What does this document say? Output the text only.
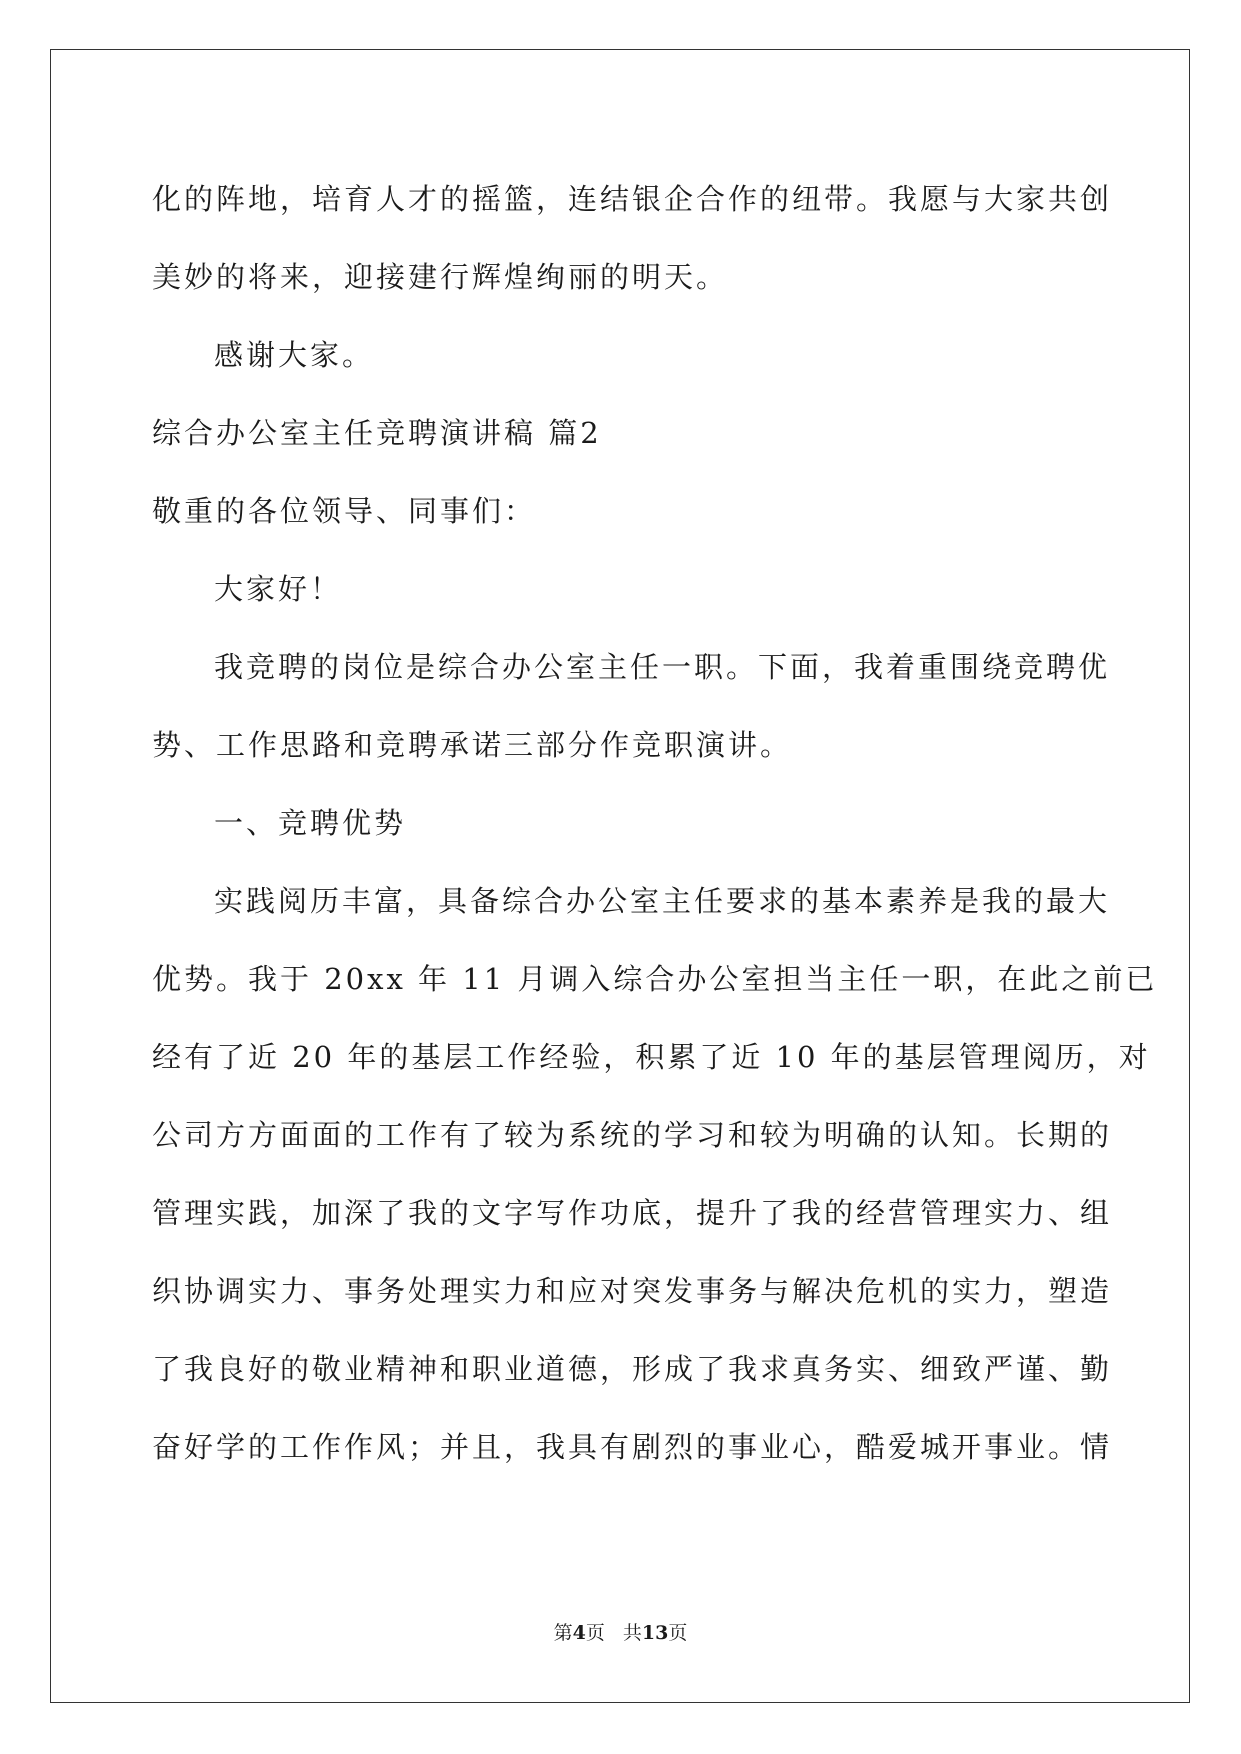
化的阵地，培育人才的摇篮，连结银企合作的纽带。我愿与大家共创
美妙的将来，迎接建行辉煌绚丽的明天。
感谢大家。
综合办公室主任竞聘演讲稿 篇2
敬重的各位领导、同事们：
大家好！
我竞聘的岗位是综合办公室主任一职。下面，我着重围绕竞聘优
势、工作思路和竞聘承诺三部分作竞职演讲。
一、竞聘优势
实践阅历丰富，具备综合办公室主任要求的基本素养是我的最大
优势。我于 20xx 年 11 月调入综合办公室担当主任一职，在此之前已
经有了近 20 年的基层工作经验，积累了近 10 年的基层管理阅历，对
公司方方面面的工作有了较为系统的学习和较为明确的认知。长期的
管理实践，加深了我的文字写作功底，提升了我的经营管理实力、组
织协调实力、事务处理实力和应对突发事务与解决危机的实力，塑造
了我良好的敬业精神和职业道德，形成了我求真务实、细致严谨、勤
奋好学的工作作风；并且，我具有剧烈的事业心，酷爱城开事业。情
第4页 共13页
